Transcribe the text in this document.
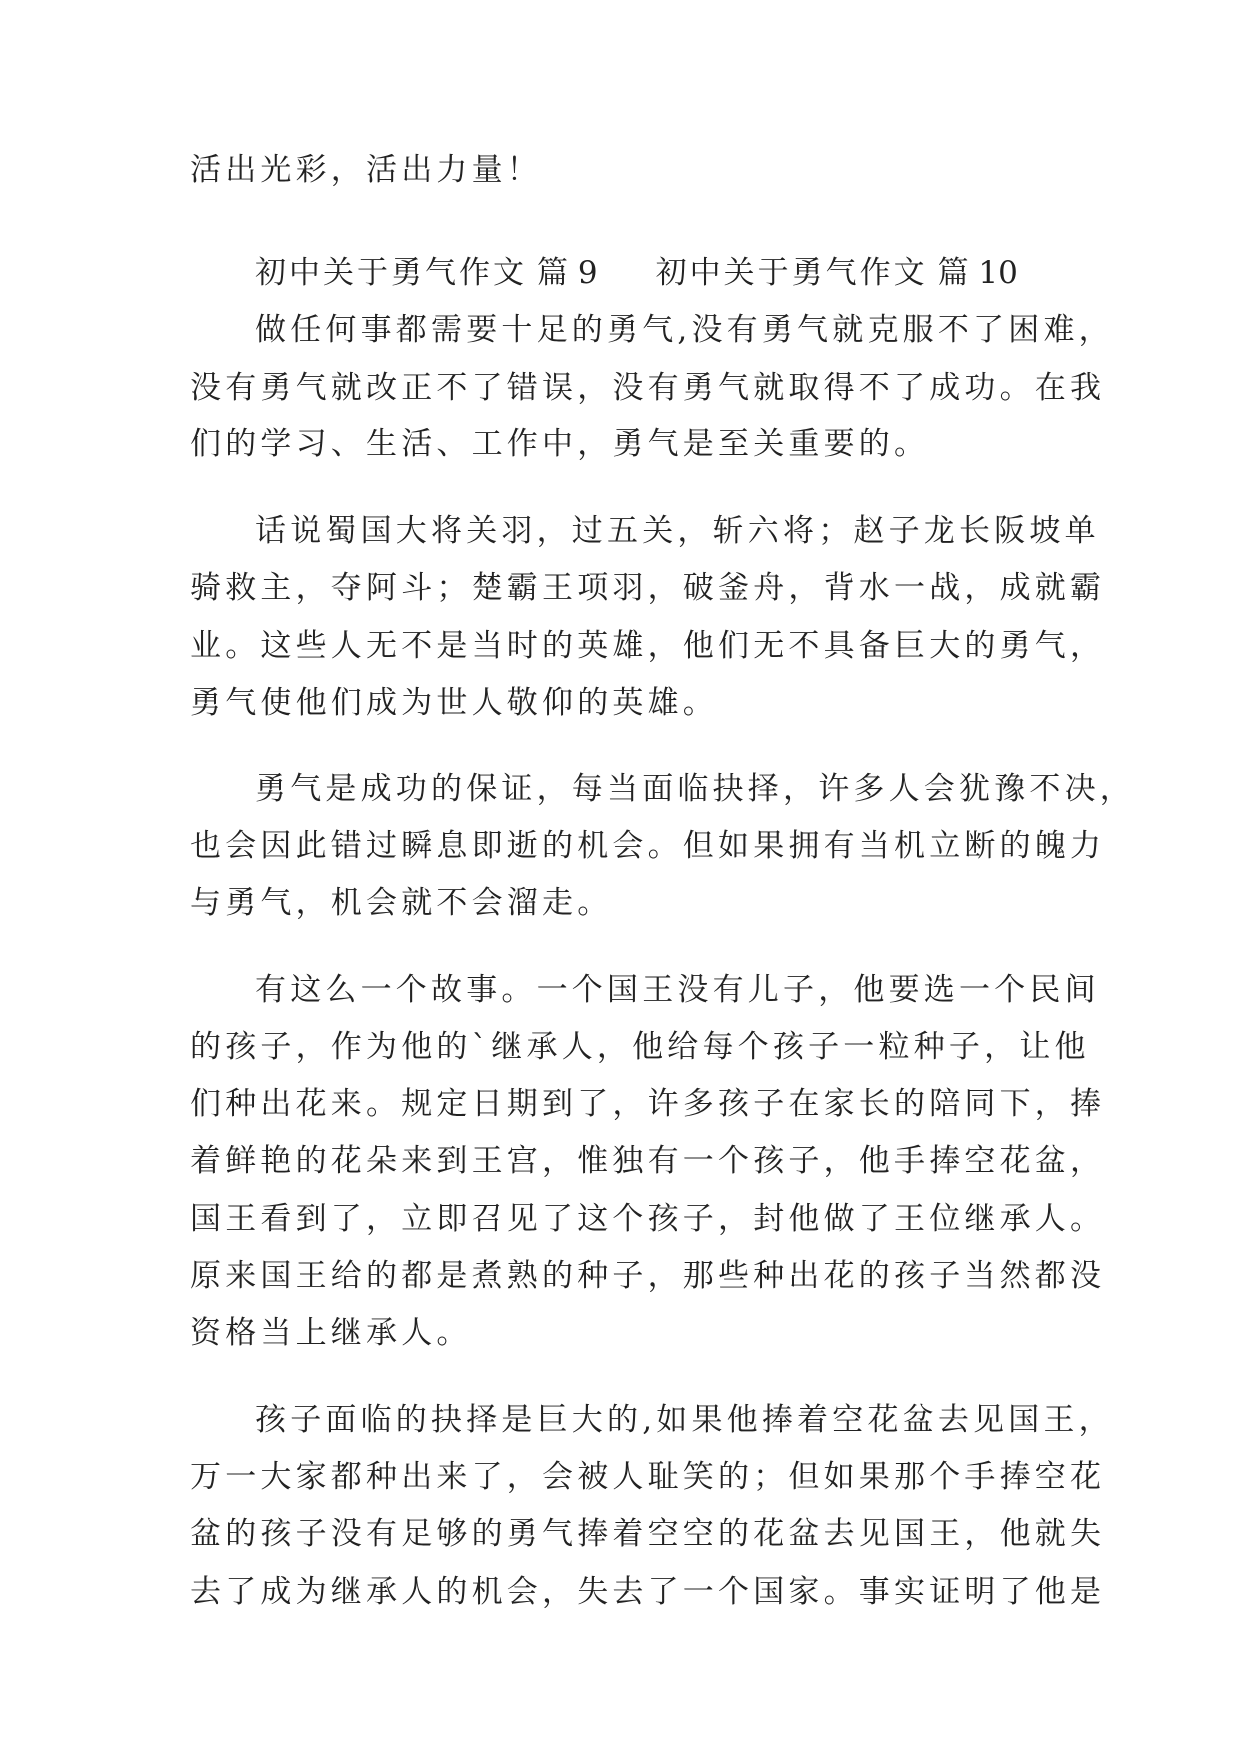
活出光彩，活出力量！

初中关于勇气作文 篇 9 初中关于勇气作文 篇 10

做任何事都需要十足的勇气,没有勇气就克服不了困难，

没有勇气就改正不了错误，没有勇气就取得不了成功。在我

们的学习、生活、工作中，勇气是至关重要的。

话说蜀国大将关羽，过五关，斩六将；赵子龙长阪坡单

骑救主，夺阿斗；楚霸王项羽，破釜舟，背水一战，成就霸

业。这些人无不是当时的英雄，他们无不具备巨大的勇气，

勇气使他们成为世人敬仰的英雄。

勇气是成功的保证，每当面临抉择，许多人会犹豫不决，

也会因此错过瞬息即逝的机会。但如果拥有当机立断的魄力

与勇气，机会就不会溜走。

有这么一个故事。一个国王没有儿子，他要选一个民间

的孩子，作为他的`继承人，他给每个孩子一粒种子，让他

们种出花来。规定日期到了，许多孩子在家长的陪同下，捧

着鲜艳的花朵来到王宫，惟独有一个孩子，他手捧空花盆，

国王看到了，立即召见了这个孩子，封他做了王位继承人。

原来国王给的都是煮熟的种子，那些种出花的孩子当然都没

资格当上继承人。

孩子面临的抉择是巨大的,如果他捧着空花盆去见国王，

万一大家都种出来了，会被人耻笑的；但如果那个手捧空花

盆的孩子没有足够的勇气捧着空空的花盆去见国王，他就失

去了成为继承人的机会，失去了一个国家。事实证明了他是
